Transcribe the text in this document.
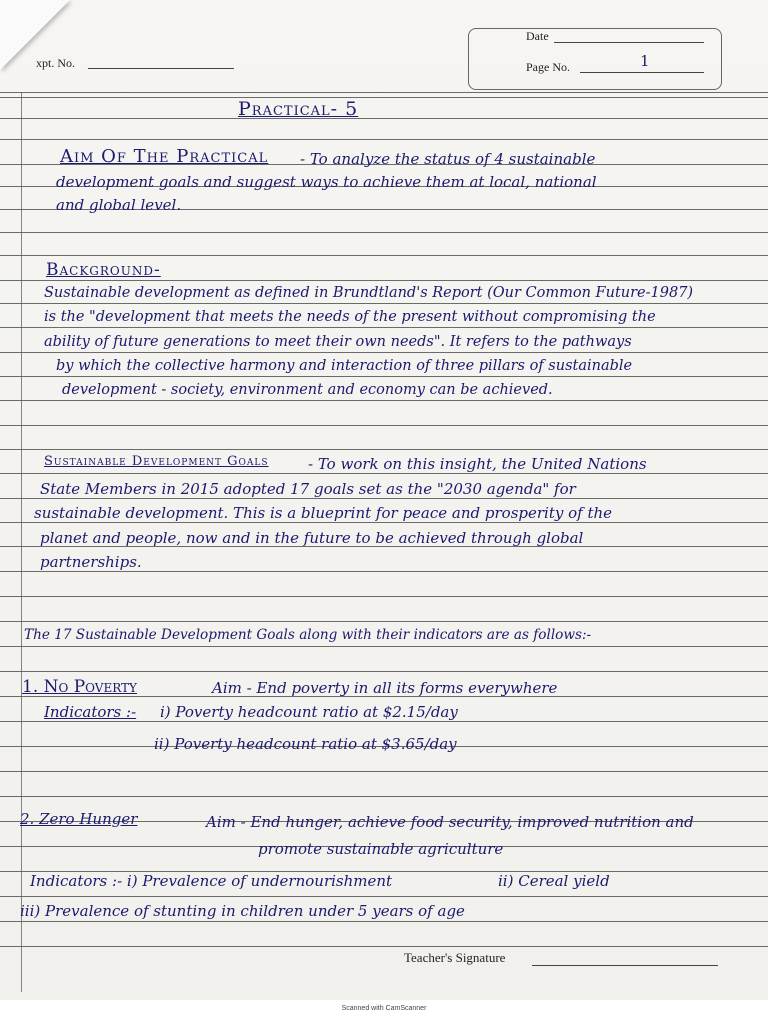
Date
xpt. No.	Page No.	1
Practical- 5
Aim Of The Practical - To analyze the status of 4 sustainable
development goals and suggest ways to achieve them at local, national
and global level.
Background-
Sustainable development as defined in Brundtland's Report (Our Common Future-1987)
is the "development that meets the needs of the present without compromising the
ability of future generations to meet their own needs". It refers to the pathways
by which the collective harmony and interaction of three pillars of sustainable
development - society, environment and economy can be achieved.
Sustainable Development Goals	- To work on this insight, the United Nations
State Members in 2015 adopted 17 goals set as the "2030 agenda" for
sustainable development. This is a blueprint for peace and prosperity of the
planet and people, now and in the future to be achieved through global
partnerships.
The 17 Sustainable Development Goals along with their indicators are as follows:-
1. No Poverty	Aim - End poverty in all its forms everywhere
Indicators :- i) Poverty headcount ratio at $2.15/day
ii) Poverty headcount ratio at $3.65/day
2. Zero Hunger	Aim - End hunger, achieve food security, improved nutrition and
promote sustainable agriculture
Indicators :- i) Prevalence of undernourishment	ii) Cereal yield
iii) Prevalence of stunting in children under 5 years of age
Teacher's Signature
Scanned with CamScanner
